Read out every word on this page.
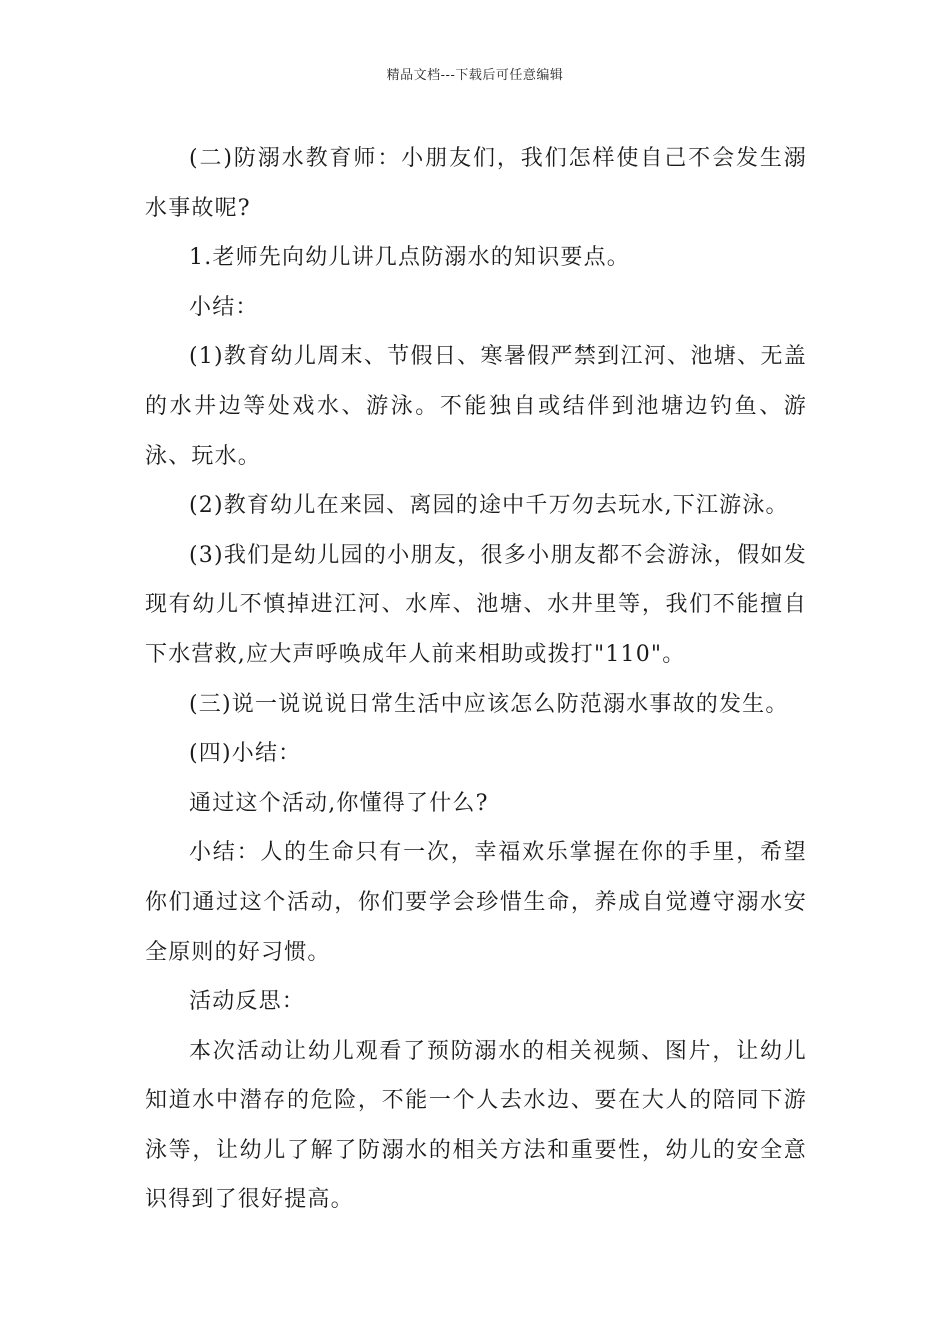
精品文档---下载后可任意编辑

(二)防溺水教育师：小朋友们，我们怎样使自己不会发生溺水事故呢?

1.老师先向幼儿讲几点防溺水的知识要点。

小结：

(1)教育幼儿周末、节假日、寒暑假严禁到江河、池塘、无盖的水井边等处戏水、游泳。不能独自或结伴到池塘边钓鱼、游泳、玩水。

(2)教育幼儿在来园、离园的途中千万勿去玩水,下江游泳。

(3)我们是幼儿园的小朋友，很多小朋友都不会游泳，假如发现有幼儿不慎掉进江河、水库、池塘、水井里等，我们不能擅自下水营救,应大声呼唤成年人前来相助或拨打"110"。

(三)说一说说说日常生活中应该怎么防范溺水事故的发生。

(四)小结：

通过这个活动,你懂得了什么?

小结：人的生命只有一次，幸福欢乐掌握在你的手里，希望你们通过这个活动，你们要学会珍惜生命，养成自觉遵守溺水安全原则的好习惯。

活动反思：

本次活动让幼儿观看了预防溺水的相关视频、图片，让幼儿知道水中潜存的危险，不能一个人去水边、要在大人的陪同下游泳等，让幼儿了解了防溺水的相关方法和重要性，幼儿的安全意识得到了很好提高。
